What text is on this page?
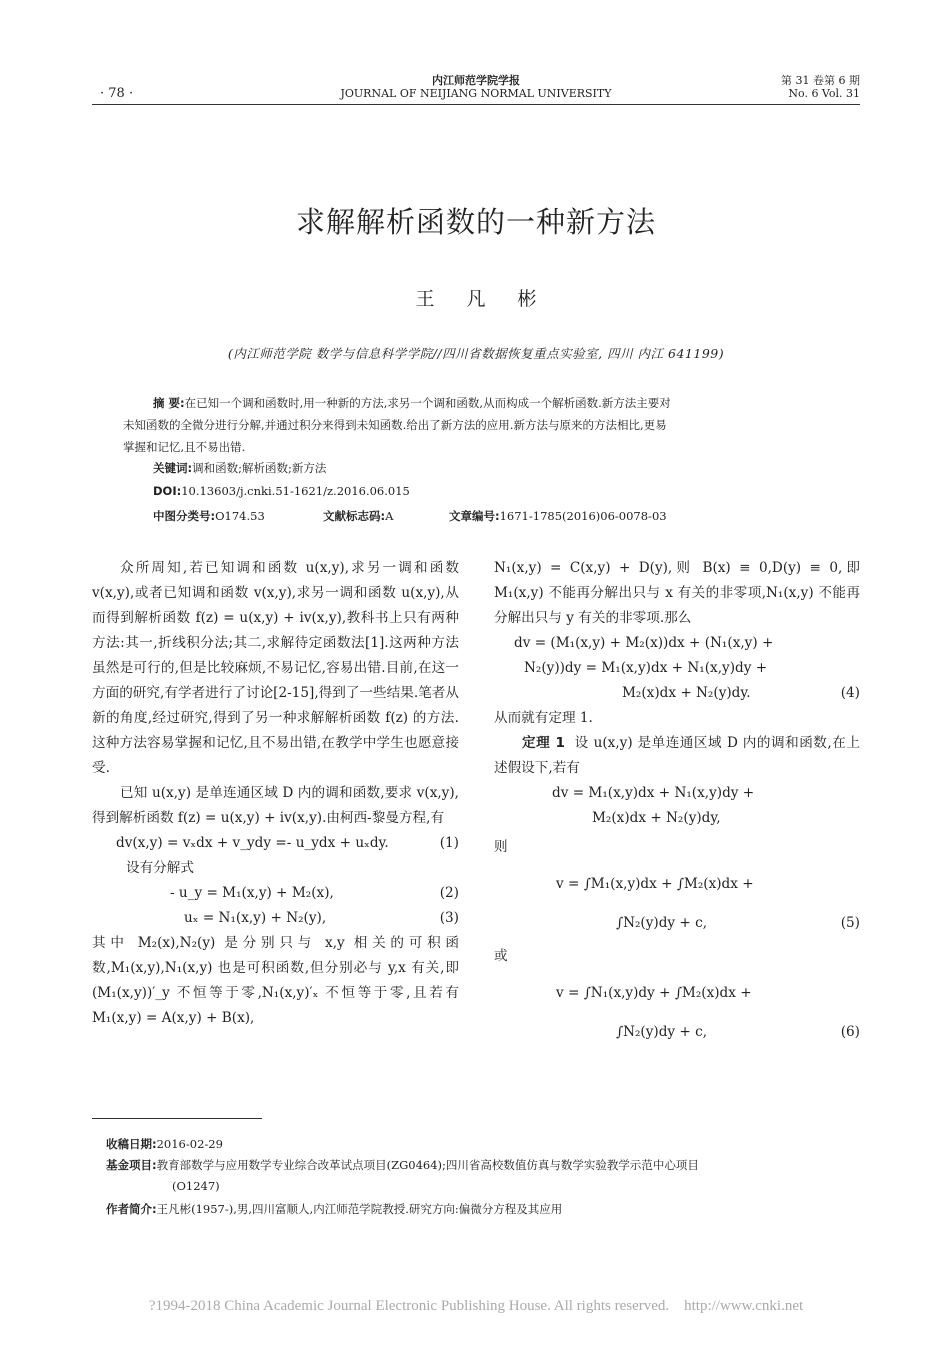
· 78 ·
内江师范学院学报
JOURNAL OF NEIJIANG NORMAL UNIVERSITY
第 31 卷第 6 期
No. 6 Vol. 31
求解解析函数的一种新方法
王凡彬
(内江师范学院 数学与信息科学学院//四川省数据恢复重点实验室, 四川 内江 641199)
摘 要:在已知一个调和函数时,用一种新的方法,求另一个调和函数,从而构成一个解析函数.新方法主要对
未知函数的全微分进行分解,并通过积分来得到未知函数.给出了新方法的应用.新方法与原来的方法相比,更易
掌握和记忆,且不易出错.
关键词:调和函数;解析函数;新方法
DOI:10.13603/j.cnki.51-1621/z.2016.06.015
中图分类号:O174.53	文献标志码:A	文章编号:1671-1785(2016)06-0078-03

众所周知,若已知调和函数 u(x,y),求另一调和函数 v(x,y),或者已知调和函数 v(x,y),求另一调和函数 u(x,y),从而得到解析函数 f(z) = u(x,y) + iv(x,y),教科书上只有两种方法:其一,折线积分法;其二,求解待定函数法[1].这两种方法虽然是可行的,但是比较麻烦,不易记忆,容易出错.目前,在这一方面的研究,有学者进行了讨论[2-15],得到了一些结果.笔者从新的角度,经过研究,得到了另一种求解解析函数 f(z) 的方法.这种方法容易掌握和记忆,且不易出错,在教学中学生也愿意接受.

已知 u(x,y) 是单连通区域 D 内的调和函数,要求 v(x,y),得到解析函数 f(z) = u(x,y) + iv(x,y).由柯西-黎曼方程,有

dv(x,y) = vₓdx + v_ydy =- u_ydx + uₓdy.	(1)

设有分解式

- u_y = M₁(x,y) + M₂(x),	(2)
uₓ = N₁(x,y) + N₂(y),	(3)

其中 M₂(x),N₂(y) 是分别只与 x,y 相关的可积函数,M₁(x,y),N₁(x,y) 也是可积函数,但分别必与 y,x 有关,即 (M₁(x,y))′_y 不恒等于零,N₁(x,y)′ₓ 不恒等于零,且若有 M₁(x,y) = A(x,y) + B(x),

N₁(x,y) = C(x,y) + D(y),则 B(x) ≡ 0,D(y) ≡ 0,即 M₁(x,y) 不能再分解出只与 x 有关的非零项,N₁(x,y) 不能再分解出只与 y 有关的非零项.那么

dv = (M₁(x,y) + M₂(x))dx + (N₁(x,y) +
N₂(y))dy = M₁(x,y)dx + N₁(x,y)dy +
M₂(x)dx + N₂(y)dy.	(4)

从而就有定理 1.

定理 1 设 u(x,y) 是单连通区域 D 内的调和函数,在上述假设下,若有

dv = M₁(x,y)dx + N₁(x,y)dy +
M₂(x)dx + N₂(y)dy,

则

v = ∫M₁(x,y)dx + ∫M₂(x)dx +
∫N₂(y)dy + c,	(5)

或

v = ∫N₁(x,y)dy + ∫M₂(x)dx +
∫N₂(y)dy + c,	(6)
收稿日期:2016-02-29
基金项目:教育部数学与应用数学专业综合改革试点项目(ZG0464);四川省高校数值仿真与数学实验教学示范中心项目
(O1247)
作者简介:王凡彬(1957-),男,四川富顺人,内江师范学院教授.研究方向:偏微分方程及其应用
?1994-2018 China Academic Journal Electronic Publishing House. All rights reserved.    http://www.cnki.net
